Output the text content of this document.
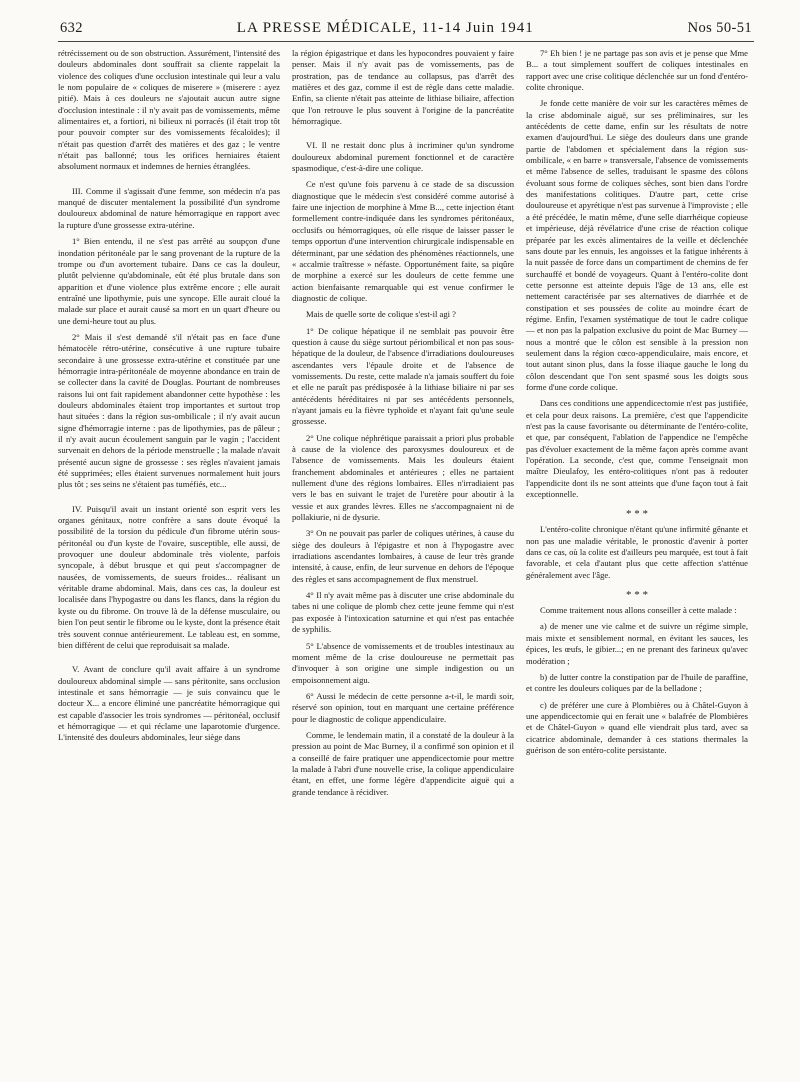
632	LA PRESSE MÉDICALE, 11-14 Juin 1941	Nos 50-51

rétrécissement ou de son obstruction. Assurément, l'intensité des douleurs abdominales dont souffrait sa cliente rappelait la violence des coliques d'une occlusion intestinale qui leur a valu le nom populaire de « coliques de miserere » (miserere : ayez pitié). Mais à ces douleurs ne s'ajoutait aucun autre signe d'occlusion intestinale : il n'y avait pas de vomissements, même alimentaires et, a fortiori, ni bilieux ni porracés (il était trop tôt pour pouvoir compter sur des vomissements fécaloïdes); il n'était pas question d'arrêt des matières et des gaz ; le ventre n'était pas ballonné; tous les orifices herniaires étaient absolument normaux et indemnes de hernies étranglées.

III. Comme il s'agissait d'une femme, son médecin n'a pas manqué de discuter mentalement la possibilité d'un syndrome douloureux abdominal de nature hémorragique en rapport avec la rupture d'une grossesse extra-utérine.

1° Bien entendu, il ne s'est pas arrêté au soupçon d'une inondation péritonéale par le sang provenant de la rupture de la trompe ou d'un avortement tubaire. Dans ce cas la douleur, plutôt pelvienne qu'abdominale, eût été plus brutale dans son apparition et d'une violence plus extrême encore ; elle aurait entraîné une lipothymie, puis une syncope. Elle aurait cloué la malade sur place et aurait causé sa mort en un quart d'heure ou une demi-heure tout au plus.

2° Mais il s'est demandé s'il n'était pas en face d'une hématocèle rétro-utérine, consécutive à une rupture tubaire secondaire à une grossesse extra-utérine et constituée par une hémorragie intra-péritonéale de moyenne abondance en train de se collecter dans la cavité de Douglas. Pourtant de nombreuses raisons lui ont fait rapidement abandonner cette hypothèse : les douleurs abdominales étaient trop importantes et surtout trop haut situées : dans la région sus-ombilicale ; il n'y avait aucun signe d'hémorragie interne : pas de lipothymies, pas de pâleur ; il n'y avait aucun écoulement sanguin par le vagin ; l'accident survenait en dehors de la période menstruelle ; la malade n'avait présenté aucun signe de grossesse : ses règles n'avaient jamais été supprimées; elles étaient survenues normalement huit jours plus tôt ; ses seins ne s'étaient pas tuméfiés, etc...

IV. Puisqu'il avait un instant orienté son esprit vers les organes génitaux, notre confrère a sans doute évoqué la possibilité de la torsion du pédicule d'un fibrome utérin sous-péritonéal ou d'un kyste de l'ovaire, susceptible, elle aussi, de provoquer une douleur abdominale très violente, parfois syncopale, à début brusque et qui peut s'accompagner de nausées, de vomissements, de sueurs froides... réalisant un véritable drame abdominal. Mais, dans ces cas, la douleur est localisée dans l'hypogastre ou dans les flancs, dans la région du kyste ou du fibrome. On trouve là de la défense musculaire, ou bien l'on peut sentir le fibrome ou le kyste, dont la présence était très souvent connue antérieurement. Le tableau est, en somme, bien différent de celui que reproduisait sa malade.

V. Avant de conclure qu'il avait affaire à un syndrome douloureux abdominal simple — sans péritonite, sans occlusion intestinale et sans hémorragie — je suis convaincu que le docteur X... a encore éliminé une pancréatite hémorragique qui est capable d'associer les trois syndromes — péritonéal, occlusif et hémorragique — et qui réclame une laparotomie d'urgence. L'intensité des douleurs abdominales, leur siège dans

la région épigastrique et dans les hypocondres pouvaient y faire penser. Mais il n'y avait pas de vomissements, pas de prostration, pas de tendance au collapsus, pas d'arrêt des matières et des gaz, comme il est de règle dans cette maladie. Enfin, sa cliente n'était pas atteinte de lithiase biliaire, affection que l'on retrouve le plus souvent à l'origine de la pancréatite hémorragique.

VI. Il ne restait donc plus à incriminer qu'un syndrome douloureux abdominal purement fonctionnel et de caractère spasmodique, c'est-à-dire une colique.

Ce n'est qu'une fois parvenu à ce stade de sa discussion diagnostique que le médecin s'est considéré comme autorisé à faire une injection de morphine à Mme B..., cette injection étant formellement contre-indiquée dans les syndromes péritonéaux, occlusifs ou hémorragiques, où elle risque de laisser passer le temps opportun d'une intervention chirurgicale indispensable en déterminant, par une sédation des phénomènes réactionnels, une « accalmie traîtresse » néfaste. Opportunément faite, sa piqûre de morphine a exercé sur les douleurs de cette femme une action bienfaisante remarquable qui est venue confirmer le diagnostic de colique.

Mais de quelle sorte de colique s'est-il agi ?

1° De colique hépatique il ne semblait pas pouvoir être question à cause du siège surtout périombilical et non pas sous-hépatique de la douleur, de l'absence d'irradiations douloureuses ascendantes vers l'épaule droite et de l'absence de vomissements. Du reste, cette malade n'a jamais souffert du foie et elle ne paraît pas prédisposée à la lithiase biliaire ni par ses antécédents héréditaires ni par ses antécédents personnels, n'ayant jamais eu la fièvre typhoïde et n'ayant fait qu'une seule grossesse.

2° Une colique néphrétique paraissait a priori plus probable à cause de la violence des paroxysmes douloureux et de l'absence de vomissements. Mais les douleurs étaient franchement abdominales et antérieures ; elles ne partaient nullement d'une des régions lombaires. Elles n'irradiaient pas vers le bas en suivant le trajet de l'uretère pour aboutir à la vessie et aux grandes lèvres. Elles ne s'accompagnaient ni de pollakiurie, ni de dysurie.

3° On ne pouvait pas parler de coliques utérines, à cause du siège des douleurs à l'épigastre et non à l'hypogastre avec irradiations ascendantes lombaires, à cause de leur très grande intensité, à cause, enfin, de leur survenue en dehors de l'époque des règles et sans accompagnement de flux menstruel.

4° Il n'y avait même pas à discuter une crise abdominale du tabes ni une colique de plomb chez cette jeune femme qui n'est pas exposée à l'intoxication saturnine et qui n'est pas entachée de syphilis.

5° L'absence de vomissements et de troubles intestinaux au moment même de la crise douloureuse ne permettait pas d'invoquer à son origine une simple indigestion ou un empoisonnement aigu.

6° Aussi le médecin de cette personne a-t-il, le mardi soir, réservé son opinion, tout en marquant une certaine préférence pour le diagnostic de colique appendiculaire.

Comme, le lendemain matin, il a constaté de la douleur à la pression au point de Mac Burney, il a confirmé son opinion et il a conseillé de faire pratiquer une appendicectomie pour mettre la malade à l'abri d'une nouvelle crise, la colique appendiculaire étant, en effet, une forme légère d'appendicite aiguë qui a grande tendance à récidiver.

7° Eh bien ! je ne partage pas son avis et je pense que Mme B... a tout simplement souffert de coliques intestinales en rapport avec une crise colitique déclenchée sur un fond d'entéro-colite chronique.

Je fonde cette manière de voir sur les caractères mêmes de la crise abdominale aiguë, sur ses préliminaires, sur les antécédents de cette dame, enfin sur les résultats de notre examen d'aujourd'hui. Le siège des douleurs dans une grande partie de l'abdomen et spécialement dans la région sus-ombilicale, « en barre » transversale, l'absence de vomissements et même l'absence de selles, traduisant le spasme des côlons évoluant sous forme de coliques sèches, sont bien dans l'ordre des manifestations colitiques. D'autre part, cette crise douloureuse et apyrétique n'est pas survenue à l'improviste ; elle a été précédée, le matin même, d'une selle diarrhéique copieuse et impérieuse, déjà révélatrice d'une crise de réaction colique préparée par les excès alimentaires de la veille et déclenchée sans doute par les ennuis, les angoisses et la fatigue inhérents à la nuit passée de force dans un compartiment de chemins de fer surchauffé et bondé de voyageurs. Quant à l'entéro-colite dont cette personne est atteinte depuis l'âge de 13 ans, elle est nettement caractérisée par ses alternatives de diarrhée et de constipation et ses poussées de colite au moindre écart de régime. Enfin, l'examen systématique de tout le cadre colique — et non pas la palpation exclusive du point de Mac Burney — nous a montré que le côlon est sensible à la pression non seulement dans la région cœco-appendiculaire, mais encore, et tout autant sinon plus, dans la fosse iliaque gauche le long du côlon descendant que l'on sent spasmé sous les doigts sous forme d'une corde colique.

Dans ces conditions une appendicectomie n'est pas justifiée, et cela pour deux raisons. La première, c'est que l'appendicite n'est pas la cause favorisante ou déterminante de l'entéro-colite, et que, par conséquent, l'ablation de l'appendice ne l'empêche pas d'évoluer exactement de la même façon après comme avant l'opération. La seconde, c'est que, comme l'enseignait mon maître Dieulafoy, les entéro-colitiques n'ont pas à redouter l'appendicite dont ils ne sont atteints que d'une façon tout à fait exceptionnelle.

* * *

L'entéro-colite chronique n'étant qu'une infirmité gênante et non pas une maladie véritable, le pronostic d'avenir à porter dans ce cas, où la colite est d'ailleurs peu marquée, est tout à fait favorable, et cela d'autant plus que cette affection s'atténue généralement avec l'âge.

* * *

Comme traitement nous allons conseiller à cette malade :

a) de mener une vie calme et de suivre un régime simple, mais mixte et sensiblement normal, en évitant les sauces, les épices, les œufs, le gibier...; en ne prenant des farineux qu'avec modération ;

b) de lutter contre la constipation par de l'huile de paraffine, et contre les douleurs coliques par de la belladone ;

c) de préférer une cure à Plombières ou à Châtel-Guyon à une appendicectomie qui en ferait une « balafrée de Plombières et de Châtel-Guyon » quand elle viendrait plus tard, avec sa cicatrice abdominale, demander à ces stations thermales la guérison de son entéro-colite persistante.
